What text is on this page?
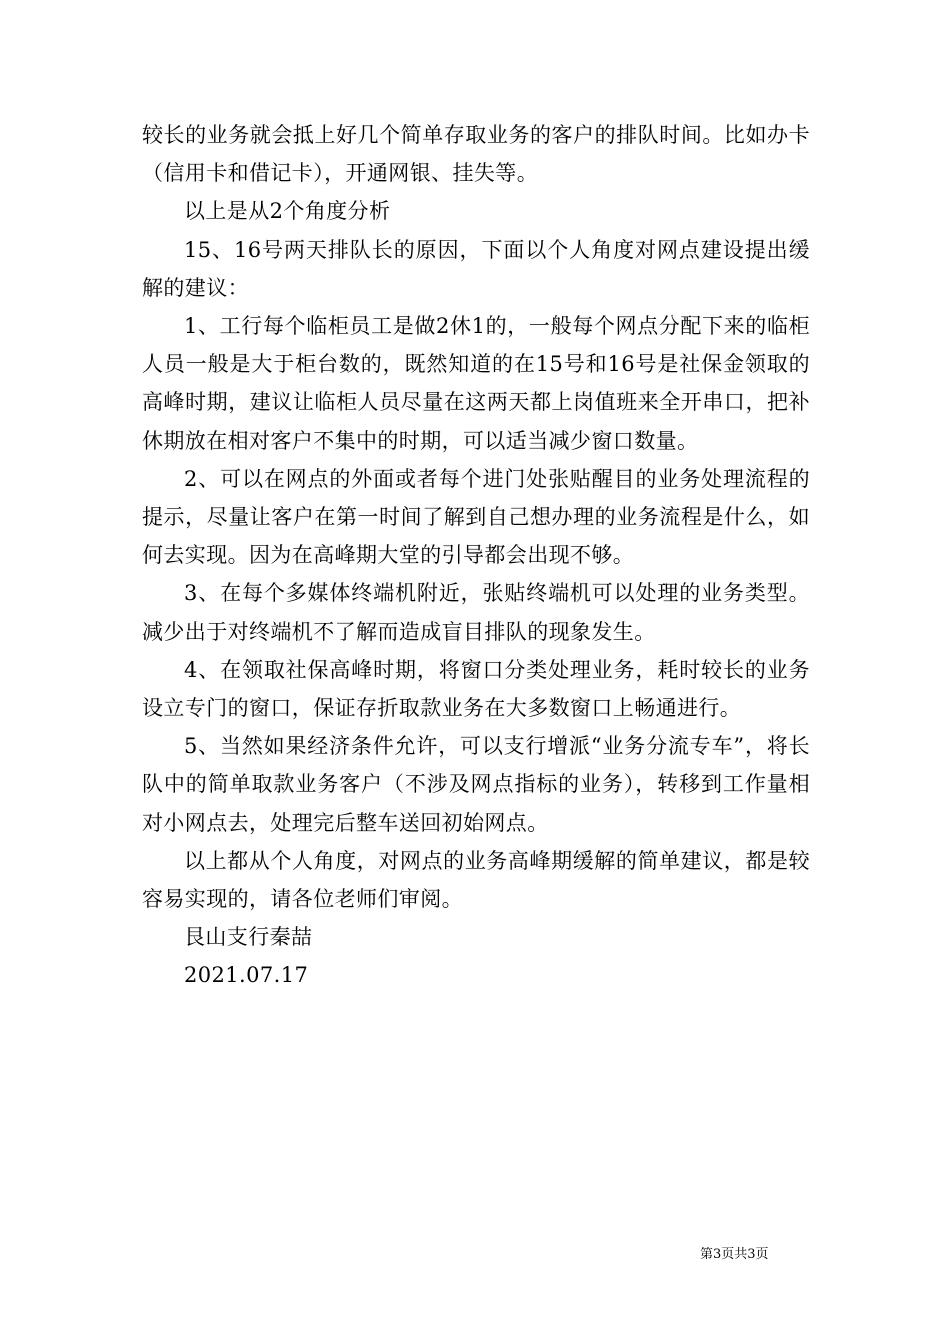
较长的业务就会抵上好几个简单存取业务的客户的排队时间。比如办卡（信用卡和借记卡），开通网银、挂失等。

以上是从2个角度分析

15、16号两天排队长的原因，下面以个人角度对网点建设提出缓解的建议：

1、工行每个临柜员工是做2休1的，一般每个网点分配下来的临柜人员一般是大于柜台数的，既然知道的在15号和16号是社保金领取的高峰时期，建议让临柜人员尽量在这两天都上岗值班来全开串口，把补休期放在相对客户不集中的时期，可以适当减少窗口数量。

2、可以在网点的外面或者每个进门处张贴醒目的业务处理流程的提示，尽量让客户在第一时间了解到自己想办理的业务流程是什么，如何去实现。因为在高峰期大堂的引导都会出现不够。

3、在每个多媒体终端机附近，张贴终端机可以处理的业务类型。减少出于对终端机不了解而造成盲目排队的现象发生。

4、在领取社保高峰时期，将窗口分类处理业务，耗时较长的业务设立专门的窗口，保证存折取款业务在大多数窗口上畅通进行。

5、当然如果经济条件允许，可以支行增派“业务分流专车”，将长队中的简单取款业务客户（不涉及网点指标的业务），转移到工作量相对小网点去，处理完后整车送回初始网点。

以上都从个人角度，对网点的业务高峰期缓解的简单建议，都是较容易实现的，请各位老师们审阅。

艮山支行秦喆

2021.07.17

第3页共3页
